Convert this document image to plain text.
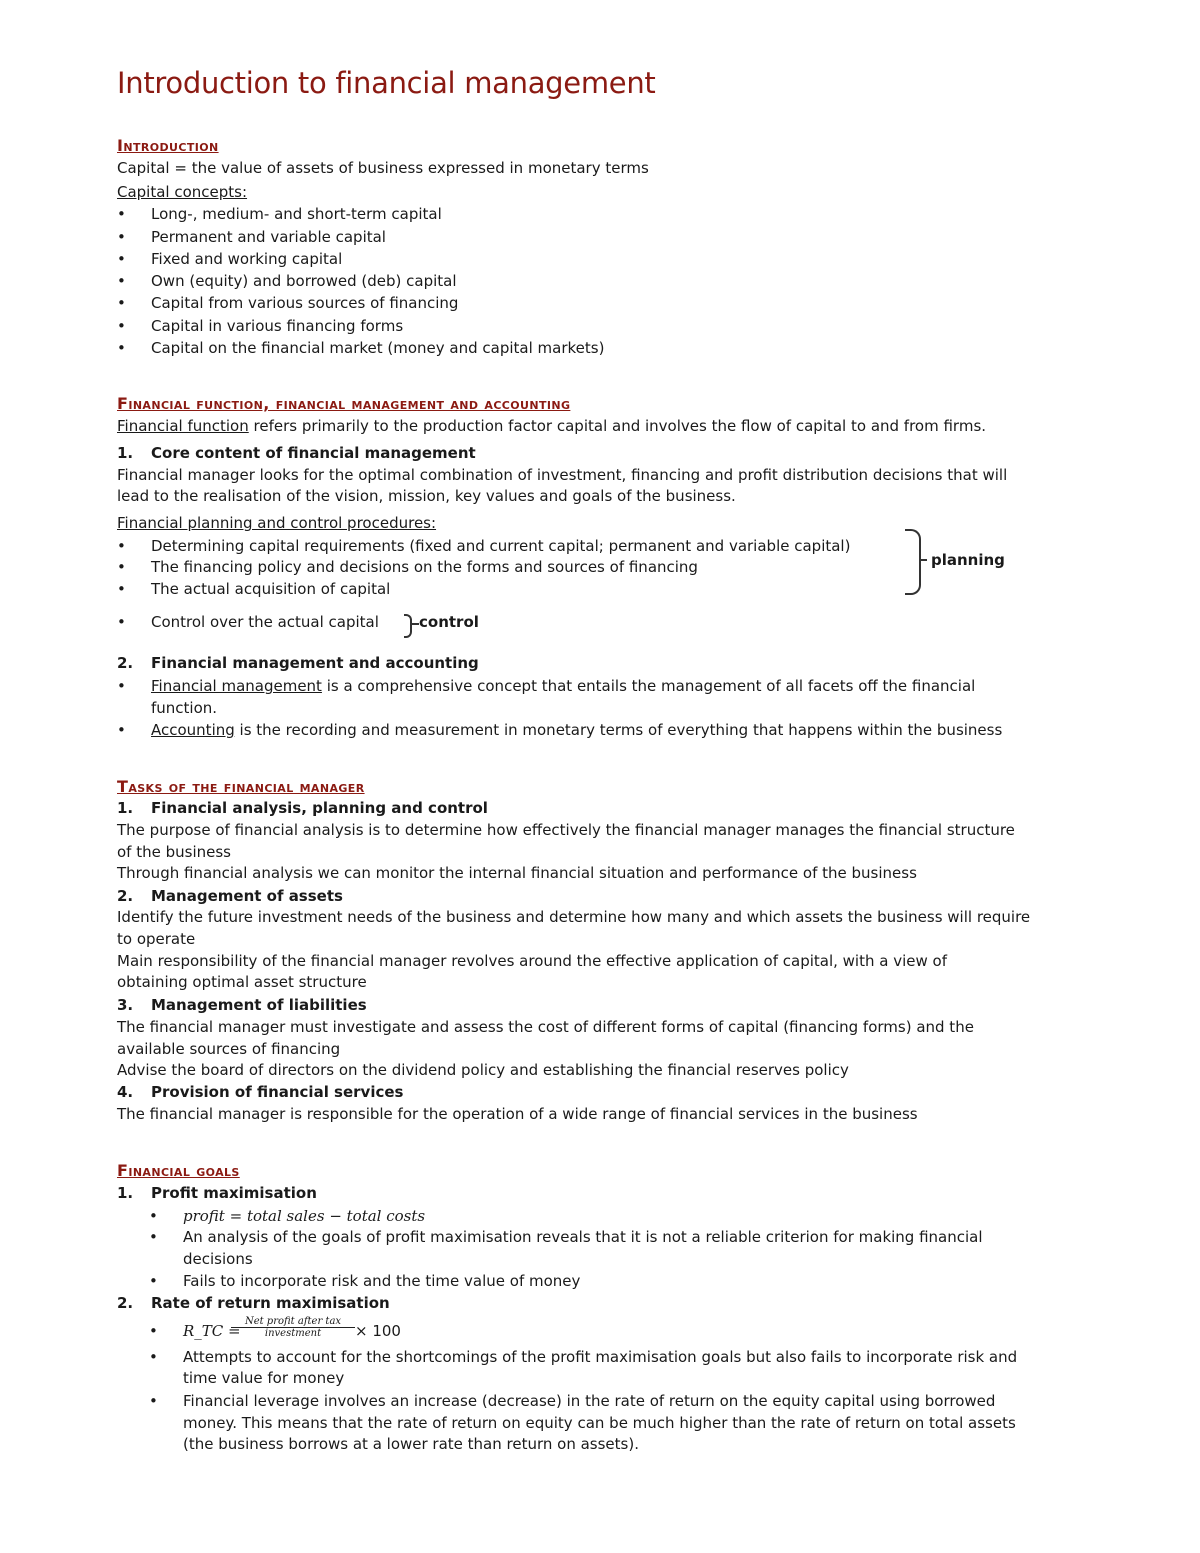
Introduction to financial management
Introduction
Capital = the value of assets of business expressed in monetary terms
Capital concepts:
• Long-, medium- and short-term capital
• Permanent and variable capital
• Fixed and working capital
• Own (equity) and borrowed (deb) capital
• Capital from various sources of financing
• Capital in various financing forms
• Capital on the financial market (money and capital markets)
Financial function, financial management and accounting
Financial function refers primarily to the production factor capital and involves the flow of capital to and from firms.
1. Core content of financial management
Financial manager looks for the optimal combination of investment, financing and profit distribution decisions that will
lead to the realisation of the vision, mission, key values and goals of the business.
Financial planning and control procedures:
• Determining capital requirements (fixed and current capital; permanent and variable capital)
• The financing policy and decisions on the forms and sources of financing
• The actual acquisition of capital
• Control over the actual capital
planning
control
2. Financial management and accounting
• Financial management is a comprehensive concept that entails the management of all facets off the financial
function.
• Accounting is the recording and measurement in monetary terms of everything that happens within the business
Tasks of the financial manager
1. Financial analysis, planning and control
The purpose of financial analysis is to determine how effectively the financial manager manages the financial structure
of the business
Through financial analysis we can monitor the internal financial situation and performance of the business
2. Management of assets
Identify the future investment needs of the business and determine how many and which assets the business will require
to operate
Main responsibility of the financial manager revolves around the effective application of capital, with a view of
obtaining optimal asset structure
3. Management of liabilities
The financial manager must investigate and assess the cost of different forms of capital (financing forms) and the
available sources of financing
Advise the board of directors on the dividend policy and establishing the financial reserves policy
4. Provision of financial services
The financial manager is responsible for the operation of a wide range of financial services in the business
Financial goals
1. Profit maximisation
• profit = total sales − total costs
• An analysis of the goals of profit maximisation reveals that it is not a reliable criterion for making financial
decisions
• Fails to incorporate risk and the time value of money
2. Rate of return maximisation
• R_TC =
Net profit after tax
investment	× 100
• Attempts to account for the shortcomings of the profit maximisation goals but also fails to incorporate risk and
time value for money
• Financial leverage involves an increase (decrease) in the rate of return on the equity capital using borrowed
money. This means that the rate of return on equity can be much higher than the rate of return on total assets
(the business borrows at a lower rate than return on assets).
